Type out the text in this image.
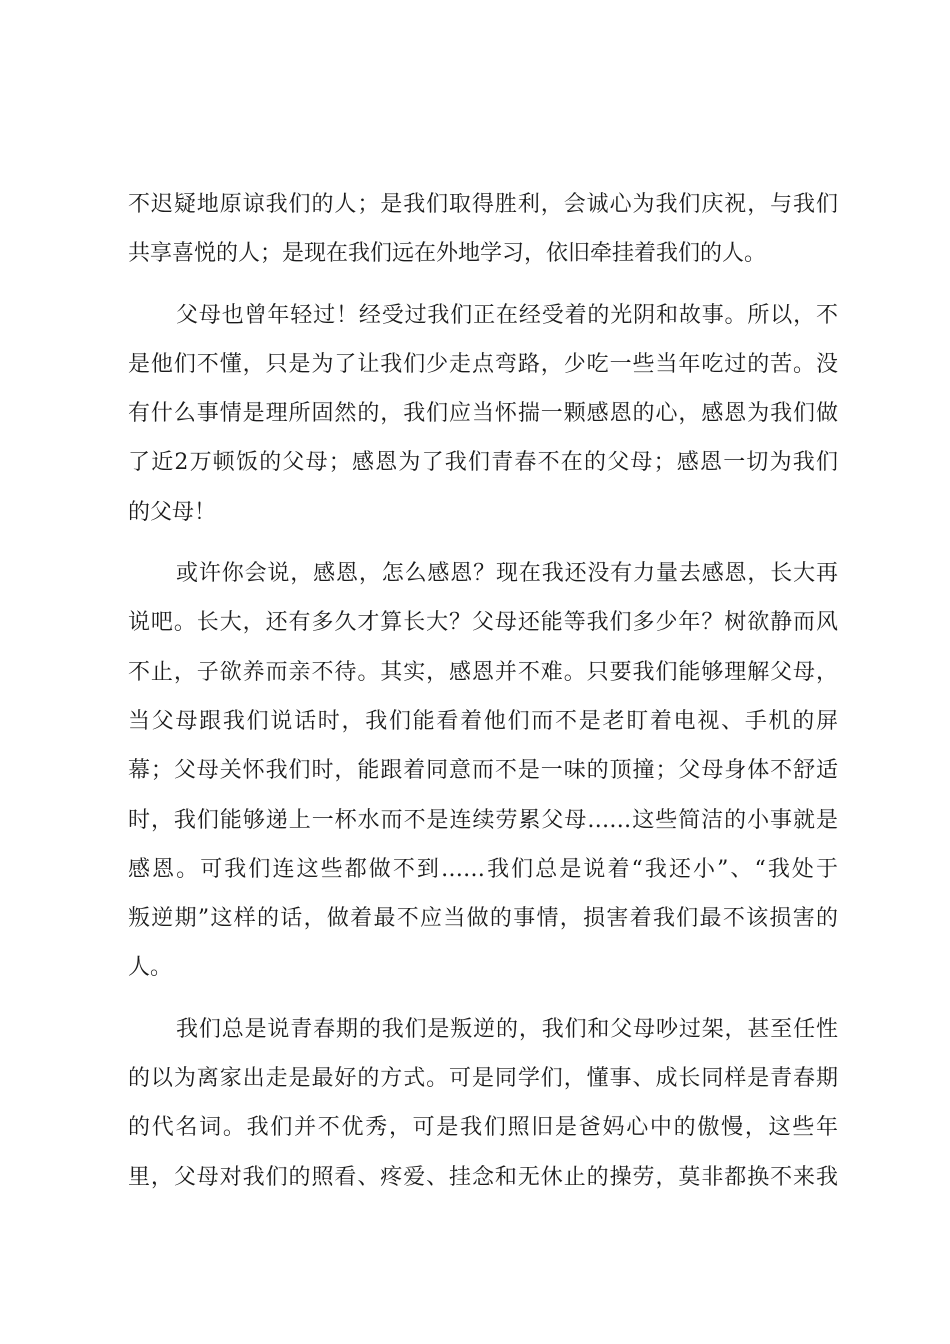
不迟疑地原谅我们的人；是我们取得胜利，会诚心为我们庆祝，与我们
共享喜悦的人；是现在我们远在外地学习，依旧牵挂着我们的人。
父母也曾年轻过！经受过我们正在经受着的光阴和故事。所以，不
是他们不懂，只是为了让我们少走点弯路，少吃一些当年吃过的苦。没
有什么事情是理所固然的，我们应当怀揣一颗感恩的心，感恩为我们做
了近2万顿饭的父母；感恩为了我们青春不在的父母；感恩一切为我们
的父母！
或许你会说，感恩，怎么感恩？现在我还没有力量去感恩，长大再
说吧。长大，还有多久才算长大？父母还能等我们多少年？树欲静而风
不止，子欲养而亲不待。其实，感恩并不难。只要我们能够理解父母，
当父母跟我们说话时，我们能看着他们而不是老盯着电视、手机的屏
幕；父母关怀我们时，能跟着同意而不是一味的顶撞；父母身体不舒适
时，我们能够递上一杯水而不是连续劳累父母……这些简洁的小事就是
感恩。可我们连这些都做不到……我们总是说着“我还小”、“我处于
叛逆期”这样的话，做着最不应当做的事情，损害着我们最不该损害的
人。
我们总是说青春期的我们是叛逆的，我们和父母吵过架，甚至任性
的以为离家出走是最好的方式。可是同学们，懂事、成长同样是青春期
的代名词。我们并不优秀，可是我们照旧是爸妈心中的傲慢，这些年
里，父母对我们的照看、疼爱、挂念和无休止的操劳，莫非都换不来我
